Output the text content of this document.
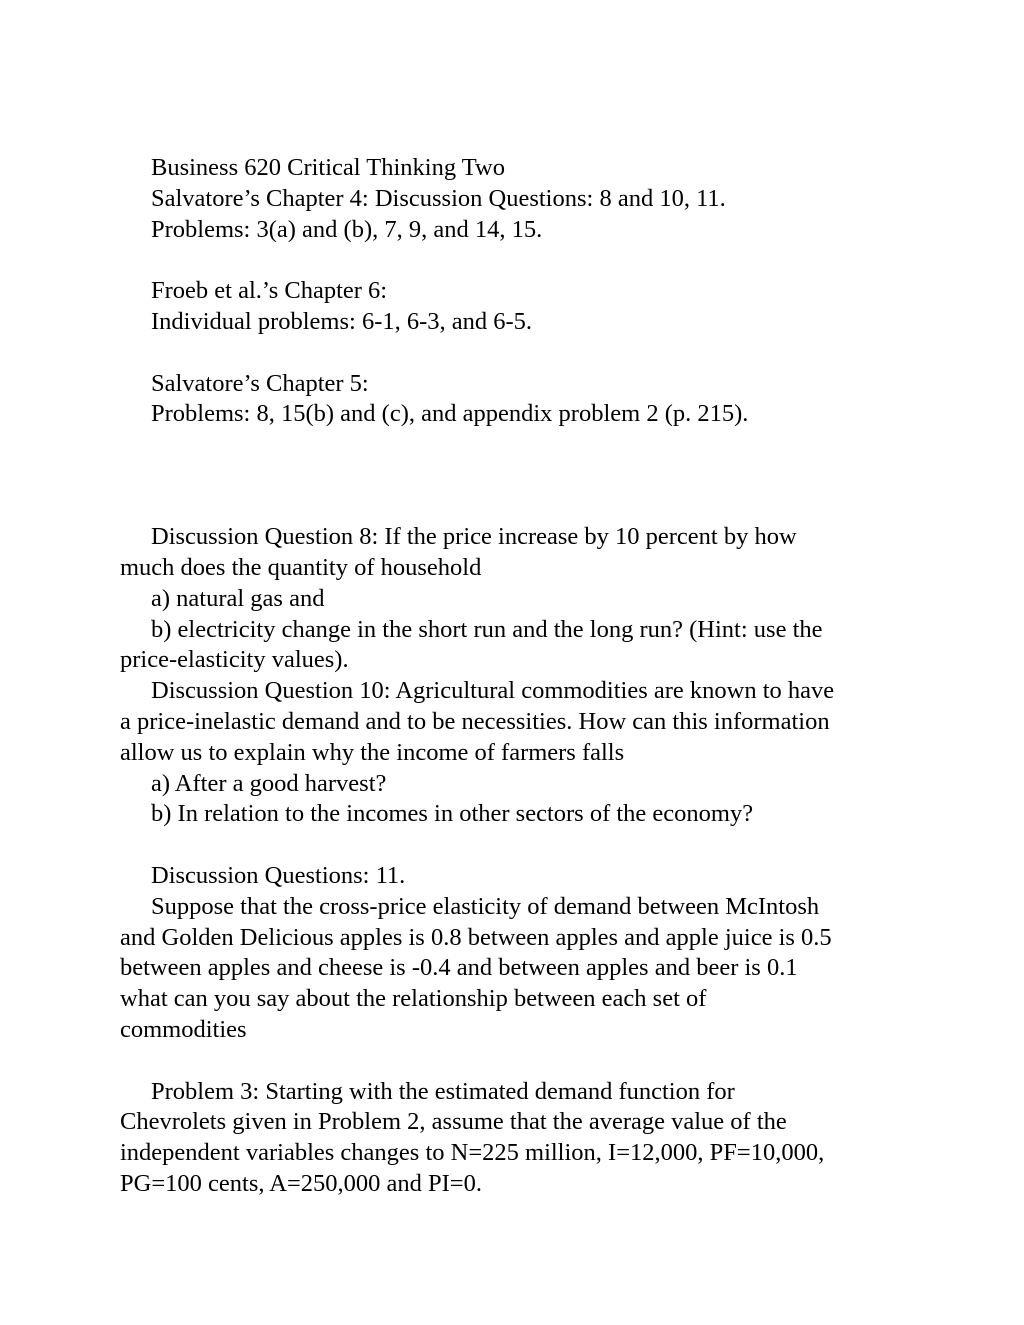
Business 620 Critical Thinking Two
Salvatore’s Chapter 4: Discussion Questions: 8 and 10, 11.
Problems: 3(a) and (b), 7, 9, and 14, 15.
Froeb et al.’s Chapter 6:
Individual problems: 6-1, 6-3, and 6-5.
Salvatore’s Chapter 5:
Problems: 8, 15(b) and (c), and appendix problem 2 (p. 215).
Discussion Question 8: If the price increase by 10 percent by how
much does the quantity of household
a) natural gas and
b) electricity change in the short run and the long run? (Hint: use the
price-elasticity values).
Discussion Question 10: Agricultural commodities are known to have
a price-inelastic demand and to be necessities. How can this information
allow us to explain why the income of farmers falls
a) After a good harvest?
b) In relation to the incomes in other sectors of the economy?
Discussion Questions: 11.
Suppose that the cross-price elasticity of demand between McIntosh
and Golden Delicious apples is 0.8 between apples and apple juice is 0.5
between apples and cheese is -0.4 and between apples and beer is 0.1
what can you say about the relationship between each set of
commodities
Problem 3: Starting with the estimated demand function for
Chevrolets given in Problem 2, assume that the average value of the
independent variables changes to N=225 million, I=12,000, PF=10,000,
PG=100 cents, A=250,000 and PI=0.
